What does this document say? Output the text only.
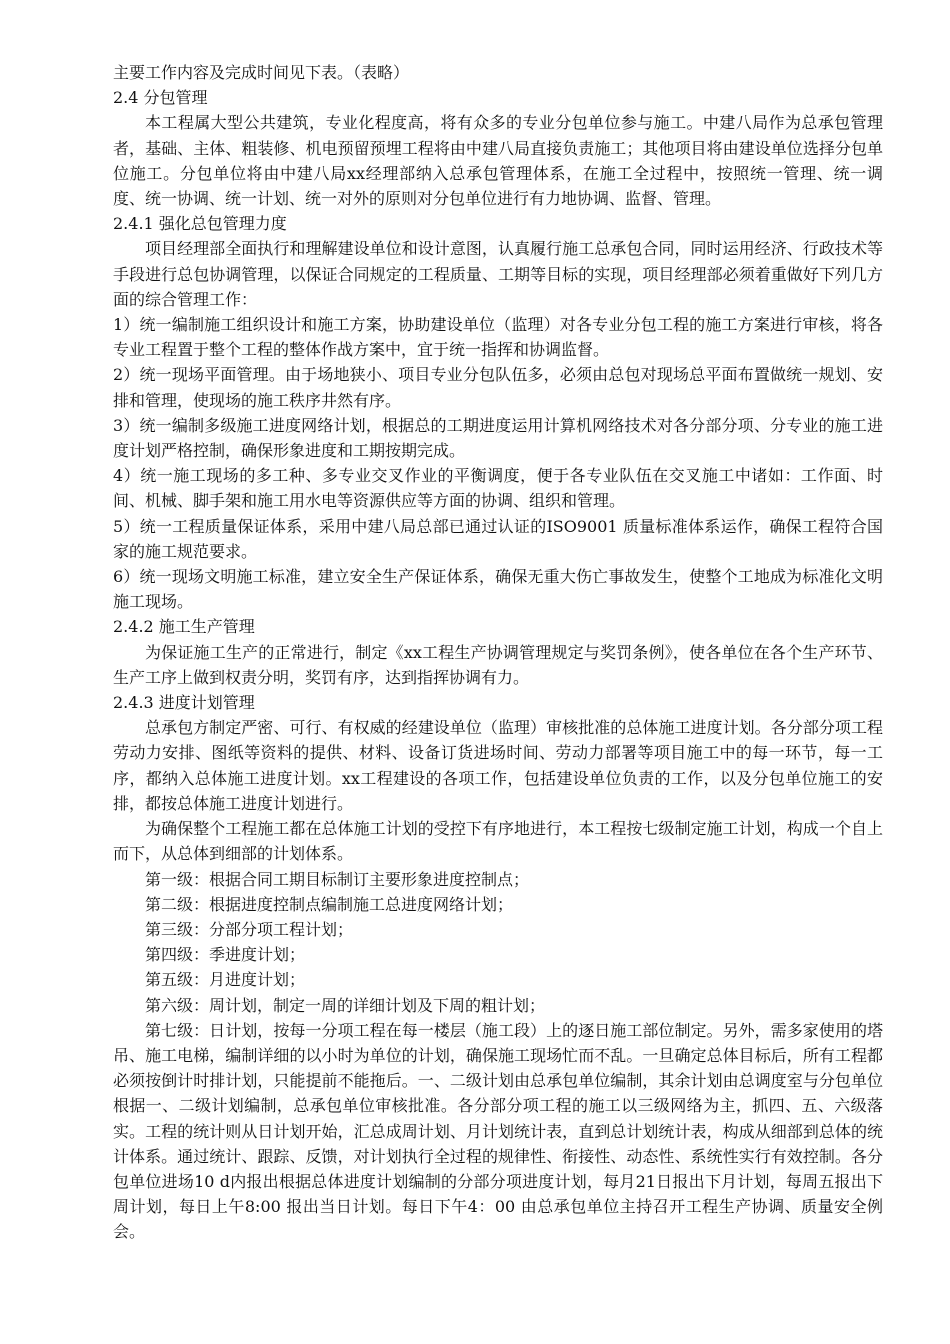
主要工作内容及完成时间见下表。（表略）

2.4 分包管理

本工程属大型公共建筑，专业化程度高，将有众多的专业分包单位参与施工。中建八局作为总承包管理者，基础、主体、粗装修、机电预留预埋工程将由中建八局直接负责施工；其他项目将由建设单位选择分包单位施工。分包单位将由中建八局xx经理部纳入总承包管理体系，在施工全过程中，按照统一管理、统一调度、统一协调、统一计划、统一对外的原则对分包单位进行有力地协调、监督、管理。

2.4.1 强化总包管理力度

项目经理部全面执行和理解建设单位和设计意图，认真履行施工总承包合同，同时运用经济、行政技术等手段进行总包协调管理，以保证合同规定的工程质量、工期等目标的实现，项目经理部必须着重做好下列几方面的综合管理工作：

1）统一编制施工组织设计和施工方案，协助建设单位（监理）对各专业分包工程的施工方案进行审核，将各专业工程置于整个工程的整体作战方案中，宜于统一指挥和协调监督。

2）统一现场平面管理。由于场地狭小、项目专业分包队伍多，必须由总包对现场总平面布置做统一规划、安排和管理，使现场的施工秩序井然有序。

3）统一编制多级施工进度网络计划，根据总的工期进度运用计算机网络技术对各分部分项、分专业的施工进度计划严格控制，确保形象进度和工期按期完成。

4）统一施工现场的多工种、多专业交叉作业的平衡调度，便于各专业队伍在交叉施工中诸如：工作面、时间、机械、脚手架和施工用水电等资源供应等方面的协调、组织和管理。

5）统一工程质量保证体系，采用中建八局总部已通过认证的ISO9001 质量标准体系运作，确保工程符合国家的施工规范要求。

6）统一现场文明施工标准，建立安全生产保证体系，确保无重大伤亡事故发生，使整个工地成为标准化文明施工现场。

2.4.2 施工生产管理

为保证施工生产的正常进行，制定《xx工程生产协调管理规定与奖罚条例》，使各单位在各个生产环节、生产工序上做到权责分明，奖罚有序，达到指挥协调有力。

2.4.3 进度计划管理

总承包方制定严密、可行、有权威的经建设单位（监理）审核批准的总体施工进度计划。各分部分项工程劳动力安排、图纸等资料的提供、材料、设备订货进场时间、劳动力部署等项目施工中的每一环节，每一工序，都纳入总体施工进度计划。xx工程建设的各项工作，包括建设单位负责的工作，以及分包单位施工的安排，都按总体施工进度计划进行。

为确保整个工程施工都在总体施工计划的受控下有序地进行，本工程按七级制定施工计划，构成一个自上而下，从总体到细部的计划体系。

第一级：根据合同工期目标制订主要形象进度控制点；

第二级：根据进度控制点编制施工总进度网络计划；

第三级：分部分项工程计划；

第四级：季进度计划；

第五级：月进度计划；

第六级：周计划，制定一周的详细计划及下周的粗计划；

第七级：日计划，按每一分项工程在每一楼层（施工段）上的逐日施工部位制定。另外，需多家使用的塔吊、施工电梯，编制详细的以小时为单位的计划，确保施工现场忙而不乱。一旦确定总体目标后，所有工程都必须按倒计时排计划，只能提前不能拖后。一、二级计划由总承包单位编制，其余计划由总调度室与分包单位根据一、二级计划编制，总承包单位审核批准。各分部分项工程的施工以三级网络为主，抓四、五、六级落实。工程的统计则从日计划开始，汇总成周计划、月计划统计表，直到总计划统计表，构成从细部到总体的统计体系。通过统计、跟踪、反馈，对计划执行全过程的规律性、衔接性、动态性、系统性实行有效控制。各分包单位进场10 d内报出根据总体进度计划编制的分部分项进度计划，每月21日报出下月计划，每周五报出下周计划，每日上午8:00 报出当日计划。每日下午4：00 由总承包单位主持召开工程生产协调、质量安全例会。
